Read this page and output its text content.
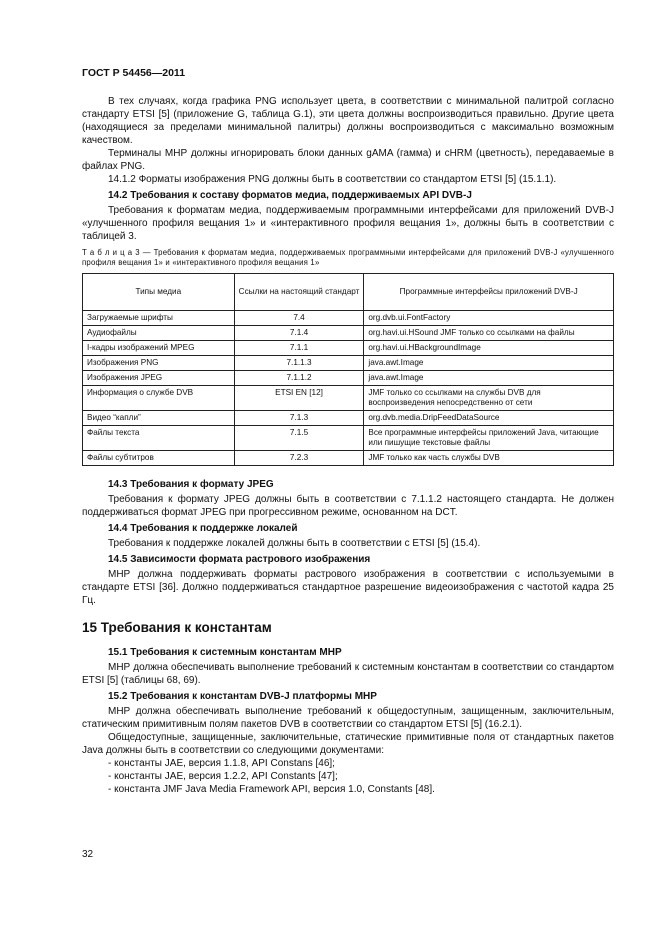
ГОСТ Р 54456—2011

В тех случаях, когда графика PNG использует цвета, в соответствии с минимальной палитрой согласно стандарту ETSI [5] (приложение G, таблица G.1), эти цвета должны воспроизводиться правильно. Другие цвета (находящиеся за пределами минимальной палитры) должны воспроизводиться с максимально возможным качеством.

Терминалы МНР должны игнорировать блоки данных gAMA (гамма) и cHRM (цветность), передаваемые в файлах PNG.

14.1.2 Форматы изображения PNG должны быть в соответствии со стандартом ETSI [5] (15.1.1).

14.2 Требования к составу форматов медиа, поддерживаемых API DVB-J

Требования к форматам медиа, поддерживаемым программными интерфейсами для приложений DVB-J «улучшенного профиля вещания 1» и «интерактивного профиля вещания 1», должны быть в соответствии с таблицей 3.

Т а б л и ц а 3 — Требования к форматам медиа, поддерживаемых программными интерфейсами для приложений DVB-J «улучшенного профиля вещания 1» и «интерактивного профиля вещания 1»

Типы медиа	Ссылки на настоящий стандарт	Программные интерфейсы приложений DVB-J
Загружаемые шрифты	7.4	org.dvb.ui.FontFactory
Аудиофайлы	7.1.4	org.havi.ui.HSound JMF только со ссылками на файлы
I-кадры изображений MPEG	7.1.1	org.havi.ui.HBackgroundImage
Изображения PNG	7.1.1.3	java.awt.Image
Изображения JPEG	7.1.1.2	java.awt.Image
Информация о службе DVB	ETSI EN [12]	JMF только со ссылками на службы DVB для воспроизведения непосредственно от сети
Видео “капли”	7.1.3	org.dvb.media.DripFeedDataSource
Файлы текста	7.1.5	Все программные интерфейсы приложений Java, читающие или пишущие текстовые файлы
Файлы субтитров	7.2.3	JMF только как часть службы DVB

14.3 Требования к формату JPEG

Требования к формату JPEG должны быть в соответствии с 7.1.1.2 настоящего стандарта. Не должен поддерживаться формат JPEG при прогрессивном режиме, основанном на DCT.

14.4 Требования к поддержке локалей

Требования к поддержке локалей должны быть в соответствии с ETSI [5] (15.4).

14.5 Зависимости формата растрового изображения

МНР должна поддерживать форматы растрового изображения в соответствии с используемыми в стандарте ETSI [36]. Должно поддерживаться стандартное разрешение видеоизображения с частотой кадра 25 Гц.

15 Требования к константам

15.1 Требования к системным константам МНР

МНР должна обеспечивать выполнение требований к системным константам в соответствии со стандартом ETSI [5] (таблицы 68, 69).

15.2 Требования к константам DVB-J платформы МНР

МНР должна обеспечивать выполнение требований к общедоступным, защищенным, заключительным, статическим примитивным полям пакетов DVB в соответствии со стандартом ETSI [5] (16.2.1).

Общедоступные, защищенные, заключительные, статические примитивные поля от стандартных пакетов Java должны быть в соответствии со следующими документами:

- константы JAE, версия 1.1.8, API Constans [46];

- константы JAE, версия 1.2.2, API Constants [47];

- константа JMF Java Media Framework API, версия 1.0, Constants [48].

32
